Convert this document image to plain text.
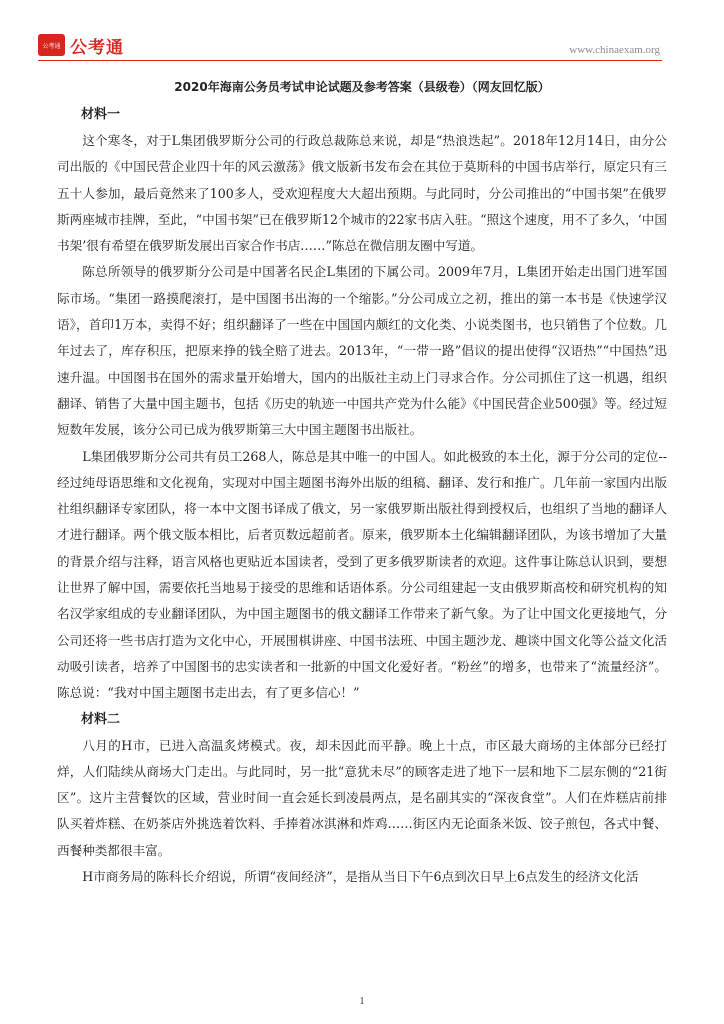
公考通 公考通	www.chinaexam.org
2020年海南公务员考试申论试题及参考答案（县级卷）（网友回忆版）
材料一

这个寒冬，对于L集团俄罗斯分公司的行政总裁陈总来说，却是“热浪迭起”。2018年12月14日，由分公司出版的《中国民营企业四十年的风云激荡》俄文版新书发布会在其位于莫斯科的中国书店举行，原定只有三五十人参加，最后竟然来了100多人，受欢迎程度大大超出预期。与此同时，分公司推出的“中国书架”在俄罗斯两座城市挂牌，至此，“中国书架”已在俄罗斯12个城市的22家书店入驻。“照这个速度，用不了多久，‘中国书架’很有希望在俄罗斯发展出百家合作书店……”陈总在微信朋友圈中写道。

陈总所领导的俄罗斯分公司是中国著名民企L集团的下属公司。2009年7月，L集团开始走出国门进军国际市场。“集团一路摸爬滚打，是中国图书出海的一个缩影。”分公司成立之初，推出的第一本书是《快速学汉语》，首印1万本，卖得不好；组织翻译了一些在中国国内颇红的文化类、小说类图书，也只销售了个位数。几年过去了，库存积压，把原来挣的钱全赔了进去。2013年，“一带一路”倡议的提出使得“汉语热”“中国热”迅速升温。中国图书在国外的需求量开始增大，国内的出版社主动上门寻求合作。分公司抓住了这一机遇，组织翻译、销售了大量中国主题书，包括《历史的轨迹一中国共产党为什么能》《中国民营企业500强》等。经过短短数年发展，该分公司已成为俄罗斯第三大中国主题图书出版社。

L集团俄罗斯分公司共有员工268人，陈总是其中唯一的中国人。如此极致的本土化，源于分公司的定位--经过纯母语思维和文化视角，实现对中国主题图书海外出版的组稿、翻译、发行和推广。几年前一家国内出版社组织翻译专家团队，将一本中文图书译成了俄文，另一家俄罗斯出版社得到授权后，也组织了当地的翻译人才进行翻译。两个俄文版本相比，后者页数远超前者。原来，俄罗斯本土化编辑翻译团队，为该书增加了大量的背景介绍与注释，语言风格也更贴近本国读者，受到了更多俄罗斯读者的欢迎。这件事让陈总认识到，要想让世界了解中国，需要依托当地易于接受的思维和话语体系。分公司组建起一支由俄罗斯高校和研究机构的知名汉学家组成的专业翻译团队，为中国主题图书的俄文翻译工作带来了新气象。为了让中国文化更接地气，分公司还将一些书店打造为文化中心，开展围棋讲座、中国书法班、中国主题沙龙、趣谈中国文化等公益文化活动吸引读者，培养了中国图书的忠实读者和一批新的中国文化爱好者。“粉丝”的增多，也带来了“流量经济”。陈总说：“我对中国主题图书走出去，有了更多信心！”

材料二

八月的H市，已进入高温炙烤模式。夜，却未因此而平静。晚上十点，市区最大商场的主体部分已经打烊，人们陆续从商场大门走出。与此同时，另一批“意犹未尽”的顾客走进了地下一层和地下二层东侧的“21街区”。这片主营餐饮的区域，营业时间一直会延长到凌晨两点，是名副其实的“深夜食堂”。人们在炸糕店前排队买着炸糕、在奶茶店外挑选着饮料、手捧着冰淇淋和炸鸡……街区内无论面条米饭、饺子煎包，各式中餐、西餐种类都很丰富。

H市商务局的陈科长介绍说，所谓“夜间经济”，是指从当日下午6点到次日早上6点发生的经济文化活

1
